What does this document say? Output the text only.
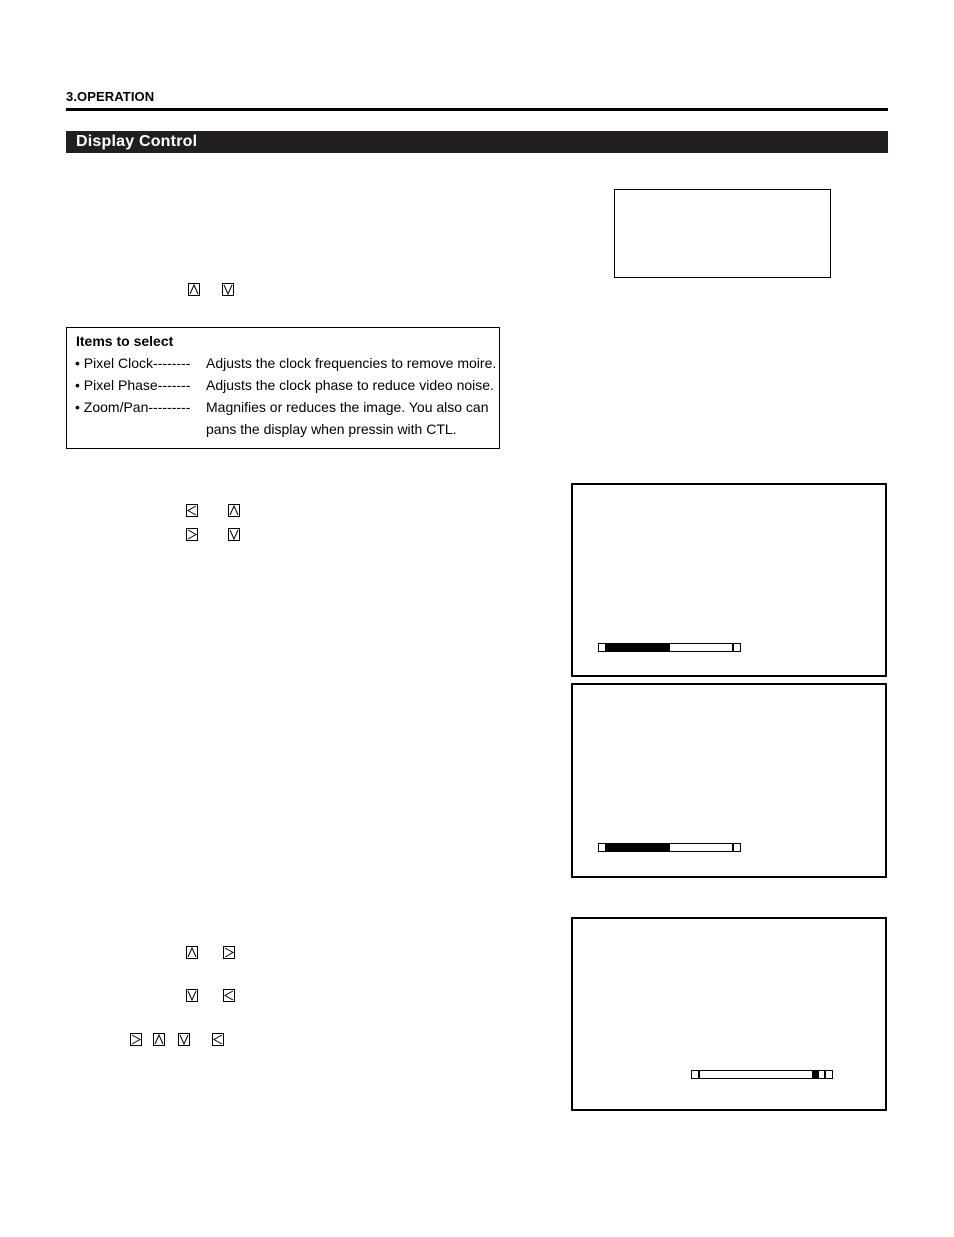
3.OPERATION
Display Control
Items to select
• Pixel Clock-------- Adjusts the clock frequencies to remove moire.
• Pixel Phase------- Adjusts the clock phase to reduce video noise.
• Zoom/Pan--------- Magnifies or reduces the image. You also can
pans the display when pressin with CTL.
